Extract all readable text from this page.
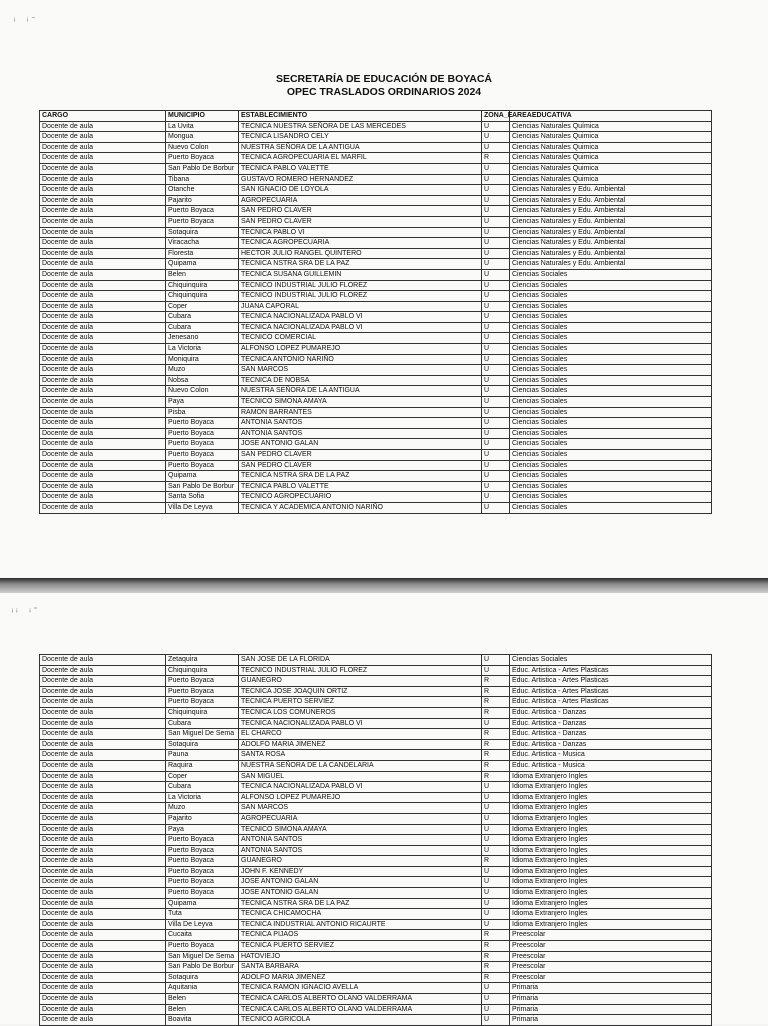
ᵢ  ᵢ⁻
SECRETARÍA DE EDUCACIÓN DE BOYACÁ
OPEC TRASLADOS ORDINARIOS 2024
CARGO	MUNICIPIO	ESTABLECIMIENTO	ZONA_E	AREAEDUCATIVA
Docente de aula	La Uvita	TECNICA NUESTRA SEÑORA DE LAS MERCEDES	U	Ciencias Naturales Química
Docente de aula	Mongua	TECNICA LISANDRO CELY	U	Ciencias Naturales Quimica
Docente de aula	Nuevo Colon	NUESTRA SEÑORA DE LA ANTIGUA	U	Ciencias Naturales Quimica
Docente de aula	Puerto Boyaca	TECNICA AGROPECUARIA EL MARFIL	R	Ciencias Naturales Quimica
Docente de aula	San Pablo De Borbur	TECNICA PABLO VALETTE	U	Ciencias Naturales Quimica
Docente de aula	Tibana	GUSTAVO ROMERO HERNANDEZ	U	Ciencias Naturales Quimica
Docente de aula	Otanche	SAN IGNACIO DE LOYOLA	U	Ciencias Naturales y Edu. Ambiental
Docente de aula	Pajarito	AGROPECUARIA	U	Ciencias Naturales y Edu. Ambiental
Docente de aula	Puerto Boyaca	SAN PEDRO CLAVER	U	Ciencias Naturales y Edu. Ambiental
Docente de aula	Puerto Boyaca	SAN PEDRO CLAVER	U	Ciencias Naturales y Edu. Ambiental
Docente de aula	Sotaquira	TECNICA PABLO VI	U	Ciencias Naturales y Edu. Ambiental
Docente de aula	Viracacha	TECNICA AGROPECUARIA	U	Ciencias Naturales y Edu. Ambiental
Docente de aula	Floresta	HECTOR JULIO RANGEL QUINTERO	U	Ciencias Naturales y Edu. Ambiental
Docente de aula	Quipama	TECNICA NSTRA SRA DE LA PAZ	U	Ciencias Naturales y Edu. Ambiental
Docente de aula	Belen	TECNICA SUSANA GUILLEMIN	U	Ciencias Sociales
Docente de aula	Chiquinquira	TECNICO INDUSTRIAL JULIO FLOREZ	U	Ciencias Sociales
Docente de aula	Chiquinquira	TECNICO INDUSTRIAL JULIO FLOREZ	U	Ciencias Sociales
Docente de aula	Coper	JUANA CAPORAL	U	Ciencias Sociales
Docente de aula	Cubara	TECNICA NACIONALIZADA PABLO VI	U	Ciencias Sociales
Docente de aula	Cubara	TECNICA NACIONALIZADA PABLO VI	U	Ciencias Sociales
Docente de aula	Jenesano	TECNICO COMERCIAL	U	Ciencias Sociales
Docente de aula	La Victoria	ALFONSO LOPEZ PUMAREJO	U	Ciencias Sociales
Docente de aula	Moniquira	TECNICA ANTONIO NARIÑO	U	Ciencias Sociales
Docente de aula	Muzo	SAN MARCOS	U	Ciencias Sociales
Docente de aula	Nobsa	TECNICA DE NOBSA	U	Ciencias Sociales
Docente de aula	Nuevo Colon	NUESTRA SEÑORA DE LA ANTIGUA	U	Ciencias Sociales
Docente de aula	Paya	TECNICO SIMONA AMAYA	U	Ciencias Sociales
Docente de aula	Pisba	RAMON BARRANTES	U	Ciencias Sociales
Docente de aula	Puerto Boyaca	ANTONIA SANTOS	U	Ciencias Sociales
Docente de aula	Puerto Boyaca	ANTONIA SANTOS	U	Ciencias Sociales
Docente de aula	Puerto Boyaca	JOSE ANTONIO GALAN	U	Ciencias Sociales
Docente de aula	Puerto Boyaca	SAN PEDRO CLAVER	U	Ciencias Sociales
Docente de aula	Puerto Boyaca	SAN PEDRO CLAVER	U	Ciencias Sociales
Docente de aula	Quipama	TECNICA NSTRA SRA DE LA PAZ	U	Ciencias Sociales
Docente de aula	San Pablo De Borbur	TECNICA PABLO VALETTE	U	Ciencias Sociales
Docente de aula	Santa Sofia	TECNICO AGROPECUARIO	U	Ciencias Sociales
Docente de aula	Villa De Leyva	TECNICA Y ACADEMICA ANTONIO NARIÑO	U	Ciencias Sociales
ᵢᵢ  ᵢ⁼
Docente de aula	Zetaquira	SAN JOSE DE LA FLORIDA	U	Ciencias Sociales
Docente de aula	Chiquinquira	TECNICO INDUSTRIAL JULIO FLOREZ	U	Educ. Artistica - Artes Plasticas
Docente de aula	Puerto Boyaca	GUANEGRO	R	Educ. Artistica - Artes Plasticas
Docente de aula	Puerto Boyaca	TECNICA JOSE JOAQUIN ORTIZ	R	Educ. Artistica - Artes Plasticas
Docente de aula	Puerto Boyaca	TECNICA PUERTO SERVIEZ	R	Educ. Artistica - Artes Plasticas
Docente de aula	Chiquinquira	TECNICA LOS COMUNEROS	R	Educ. Artistica - Danzas
Docente de aula	Cubara	TECNICA NACIONALIZADA PABLO VI	U	Educ. Artistica - Danzas
Docente de aula	San Miguel De Sema	EL CHARCO	R	Educ. Artistica - Danzas
Docente de aula	Sotaquira	ADOLFO MARIA JIMENEZ	R	Educ. Artistica - Danzas
Docente de aula	Pauna	SANTA ROSA	R	Educ. Artistica - Musica
Docente de aula	Raquira	NUESTRA SEÑORA DE LA CANDELARIA	R	Educ. Artistica - Musica
Docente de aula	Coper	SAN MIGUEL	R	Idioma Extranjero Ingles
Docente de aula	Cubara	TECNICA NACIONALIZADA PABLO VI	U	Idioma Extranjero Ingles
Docente de aula	La Victoria	ALFONSO LOPEZ PUMAREJO	U	Idioma Extranjero Ingles
Docente de aula	Muzo	SAN MARCOS	U	Idioma Extranjero Ingles
Docente de aula	Pajarito	AGROPECUARIA	U	Idioma Extranjero Ingles
Docente de aula	Paya	TECNICO SIMONA AMAYA	U	Idioma Extranjero Ingles
Docente de aula	Puerto Boyaca	ANTONIA SANTOS	U	Idioma Extranjero Ingles
Docente de aula	Puerto Boyaca	ANTONIA SANTOS	U	Idioma Extranjero Ingles
Docente de aula	Puerto Boyaca	GUANEGRO	R	Idioma Extranjero Ingles
Docente de aula	Puerto Boyaca	JOHN F. KENNEDY	U	Idioma Extranjero Ingles
Docente de aula	Puerto Boyaca	JOSE ANTONIO GALAN	U	Idioma Extranjero Ingles
Docente de aula	Puerto Boyaca	JOSE ANTONIO GALAN	U	Idioma Extranjero Ingles
Docente de aula	Quipama	TECNICA NSTRA SRA DE LA PAZ	U	Idioma Extranjero Ingles
Docente de aula	Tuta	TECNICA CHICAMOCHA	U	Idioma Extranjero Ingles
Docente de aula	Villa De Leyva	TECNICA INDUSTRIAL ANTONIO RICAURTE	U	Idioma Extranjero Ingles
Docente de aula	Cucaita	TECNICA PIJAOS	R	Preescolar
Docente de aula	Puerto Boyaca	TECNICA PUERTO SERVIEZ	R	Preescolar
Docente de aula	San Miguel De Sema	HATOVIEJO	R	Preescolar
Docente de aula	San Pablo De Borbur	SANTA BARBARA	R	Preescolar
Docente de aula	Sotaquira	ADOLFO MARIA JIMENEZ	R	Preescolar
Docente de aula	Aquitania	TECNICA RAMON IGNACIO AVELLA	U	Primaria
Docente de aula	Belen	TECNICA CARLOS ALBERTO OLANO VALDERRAMA	U	Primaria
Docente de aula	Belen	TECNICA CARLOS ALBERTO OLANO VALDERRAMA	U	Primaria
Docente de aula	Boavita	TECNICO AGRICOLA	U	Primaria
